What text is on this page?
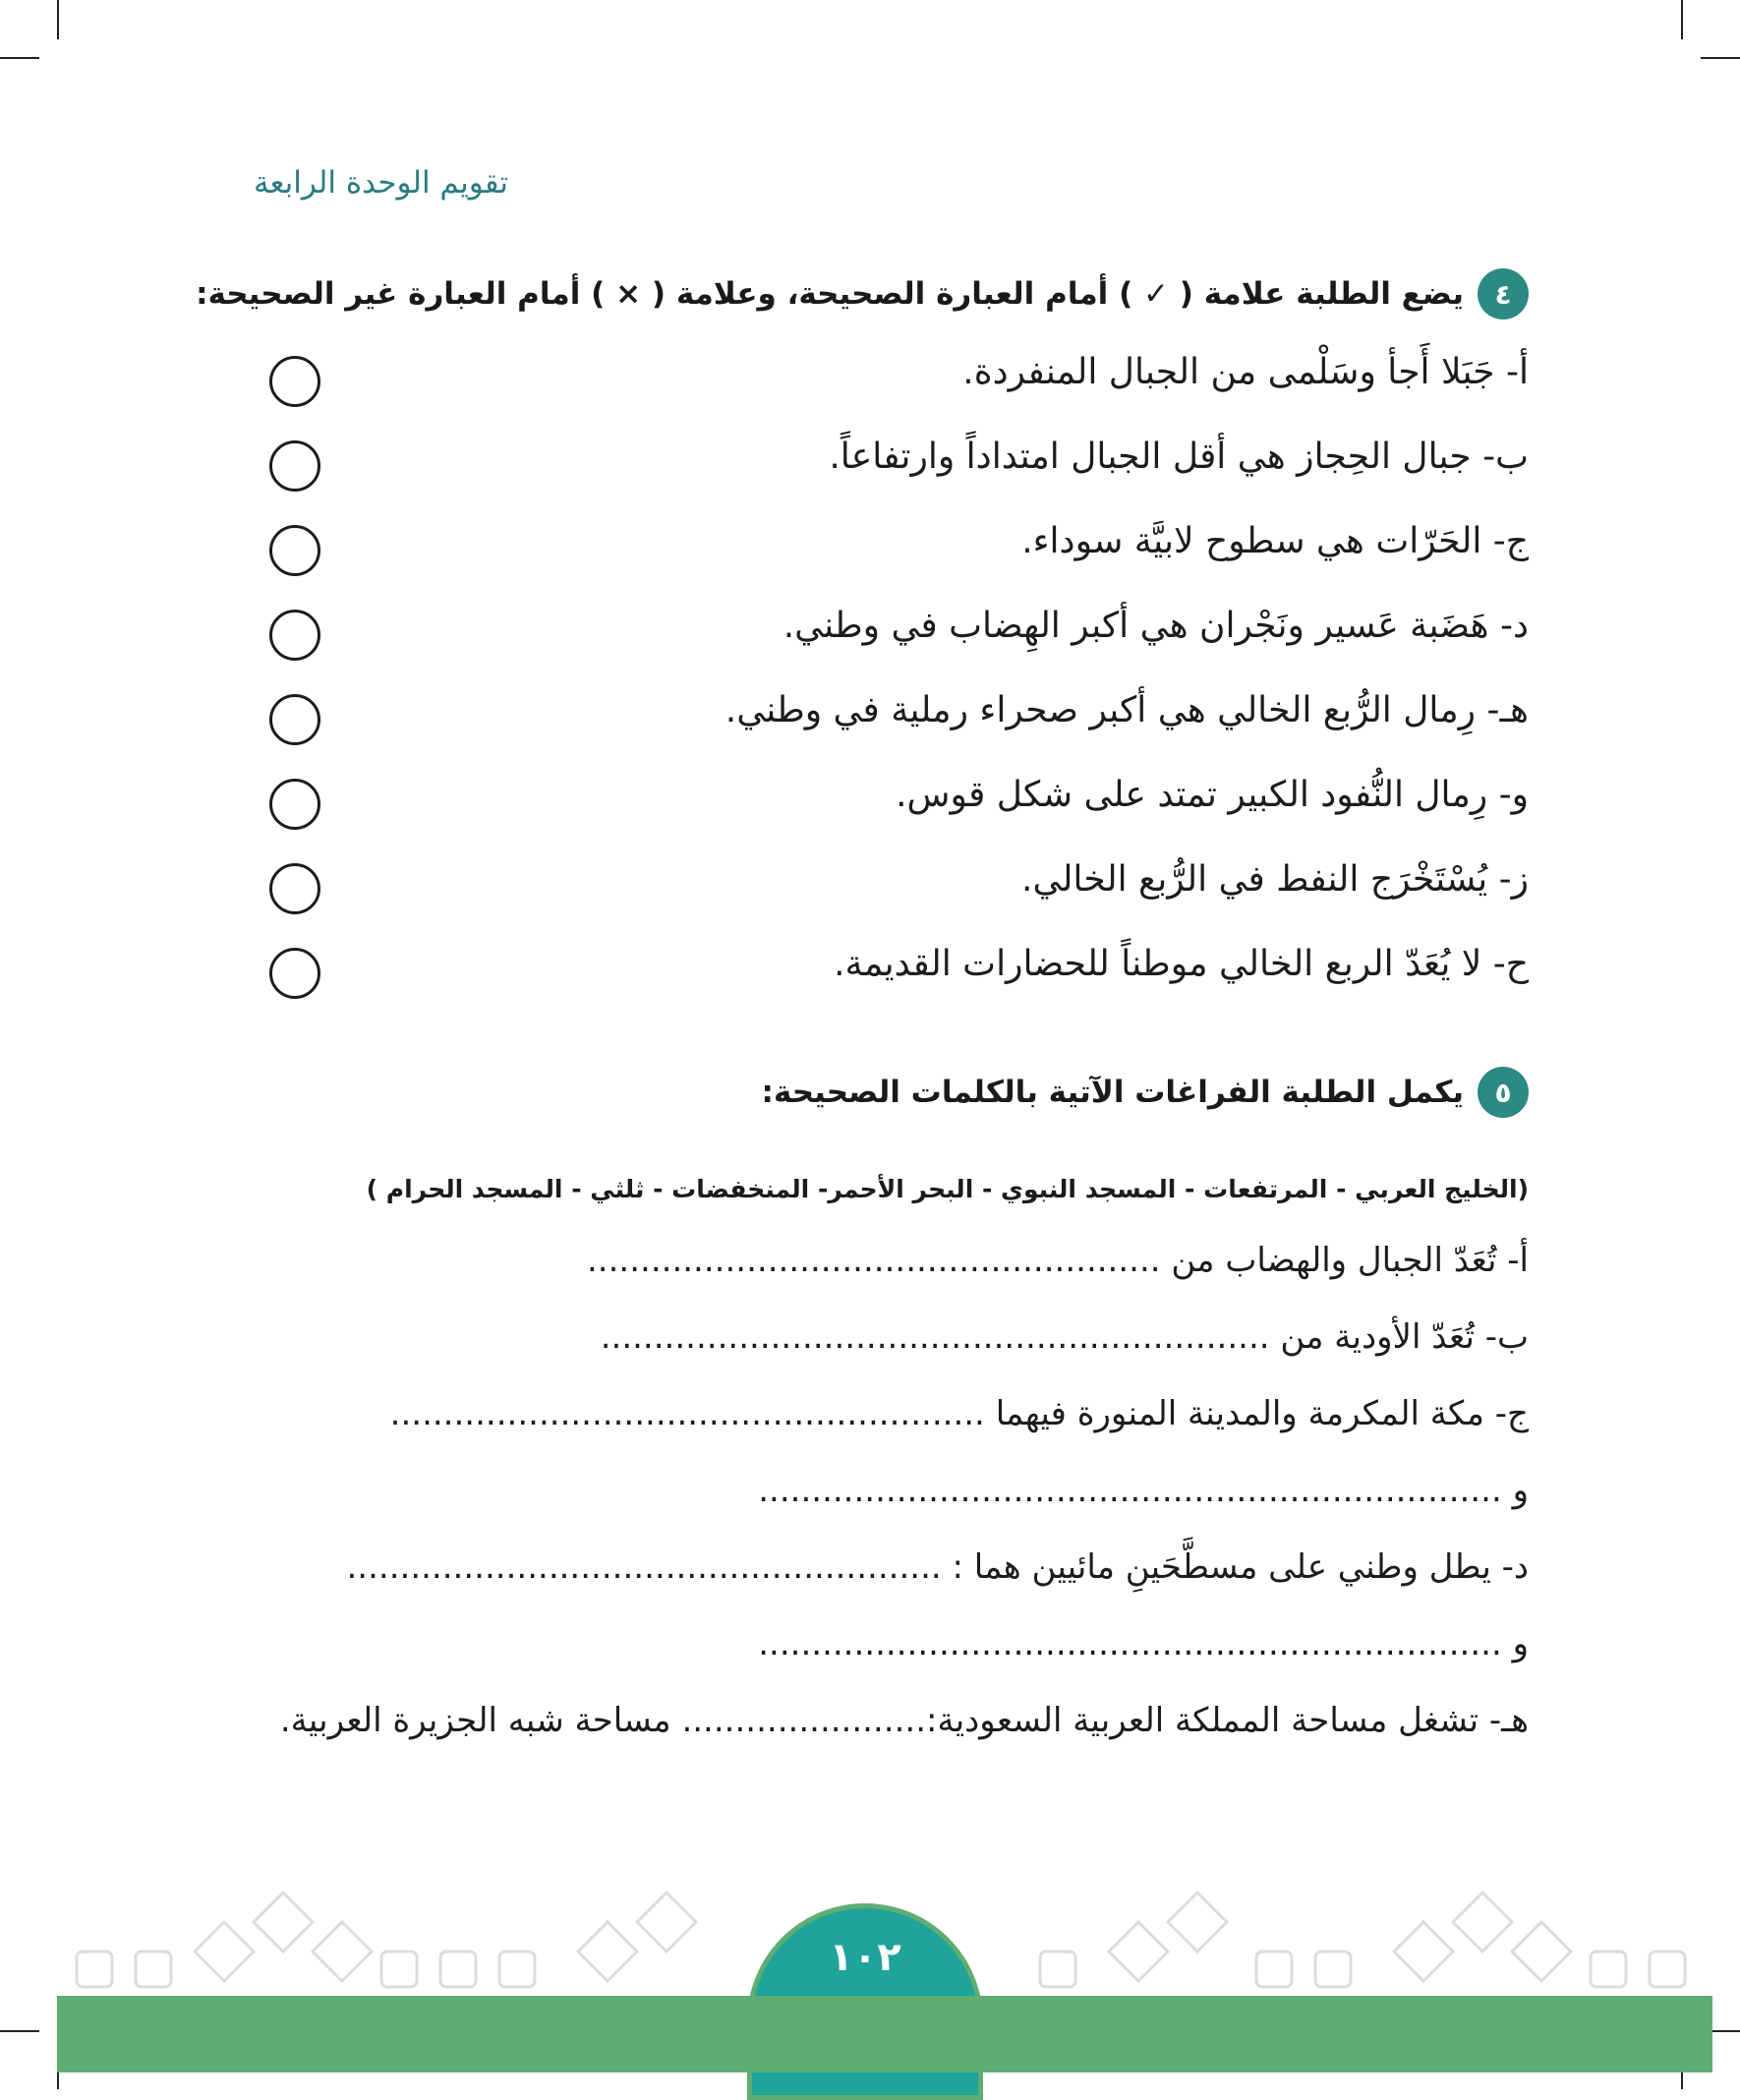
تقويم الوحدة الرابعة
٤
يضع الطلبة علامة ( ✓ ) أمام العبارة الصحيحة، وعلامة ( × ) أمام العبارة غير الصحيحة:
أ- جَبَلا أَجأ وسَلْمى من الجبال المنفردة.
ب- جبال الحِجاز هي أقل الجبال امتداداً وارتفاعاً.
ج- الحَرّات هي سطوح لابيَّة سوداء.
د- هَضَبة عَسير ونَجْران هي أكبر الهِضاب في وطني.
هـ- رِمال الرُّبع الخالي هي أكبر صحراء رملية في وطني.
و- رِمال النُّفود الكبير تمتد على شكل قوس.
ز- يُسْتَخْرَج النفط في الرُّبع الخالي.
ح- لا يُعَدّ الربع الخالي موطناً للحضارات القديمة.
٥
يكمل الطلبة الفراغات الآتية بالكلمات الصحيحة:
(الخليج العربي - المرتفعات - المسجد النبوي - البحر الأحمر- المنخفضات - ثلثي - المسجد الحرام )
أ- تُعَدّ الجبال والهضاب من ......................................................
ب- تُعَدّ الأودية من ...............................................................
ج- مكة المكرمة والمدينة المنورة فيهما ........................................................
و ......................................................................
د- يطل وطني على مسطَّحَينِ مائيين هما : ........................................................
و ......................................................................
هـ- تشغل مساحة المملكة العربية السعودية:....................... مساحة شبه الجزيرة العربية.
١٠٢
